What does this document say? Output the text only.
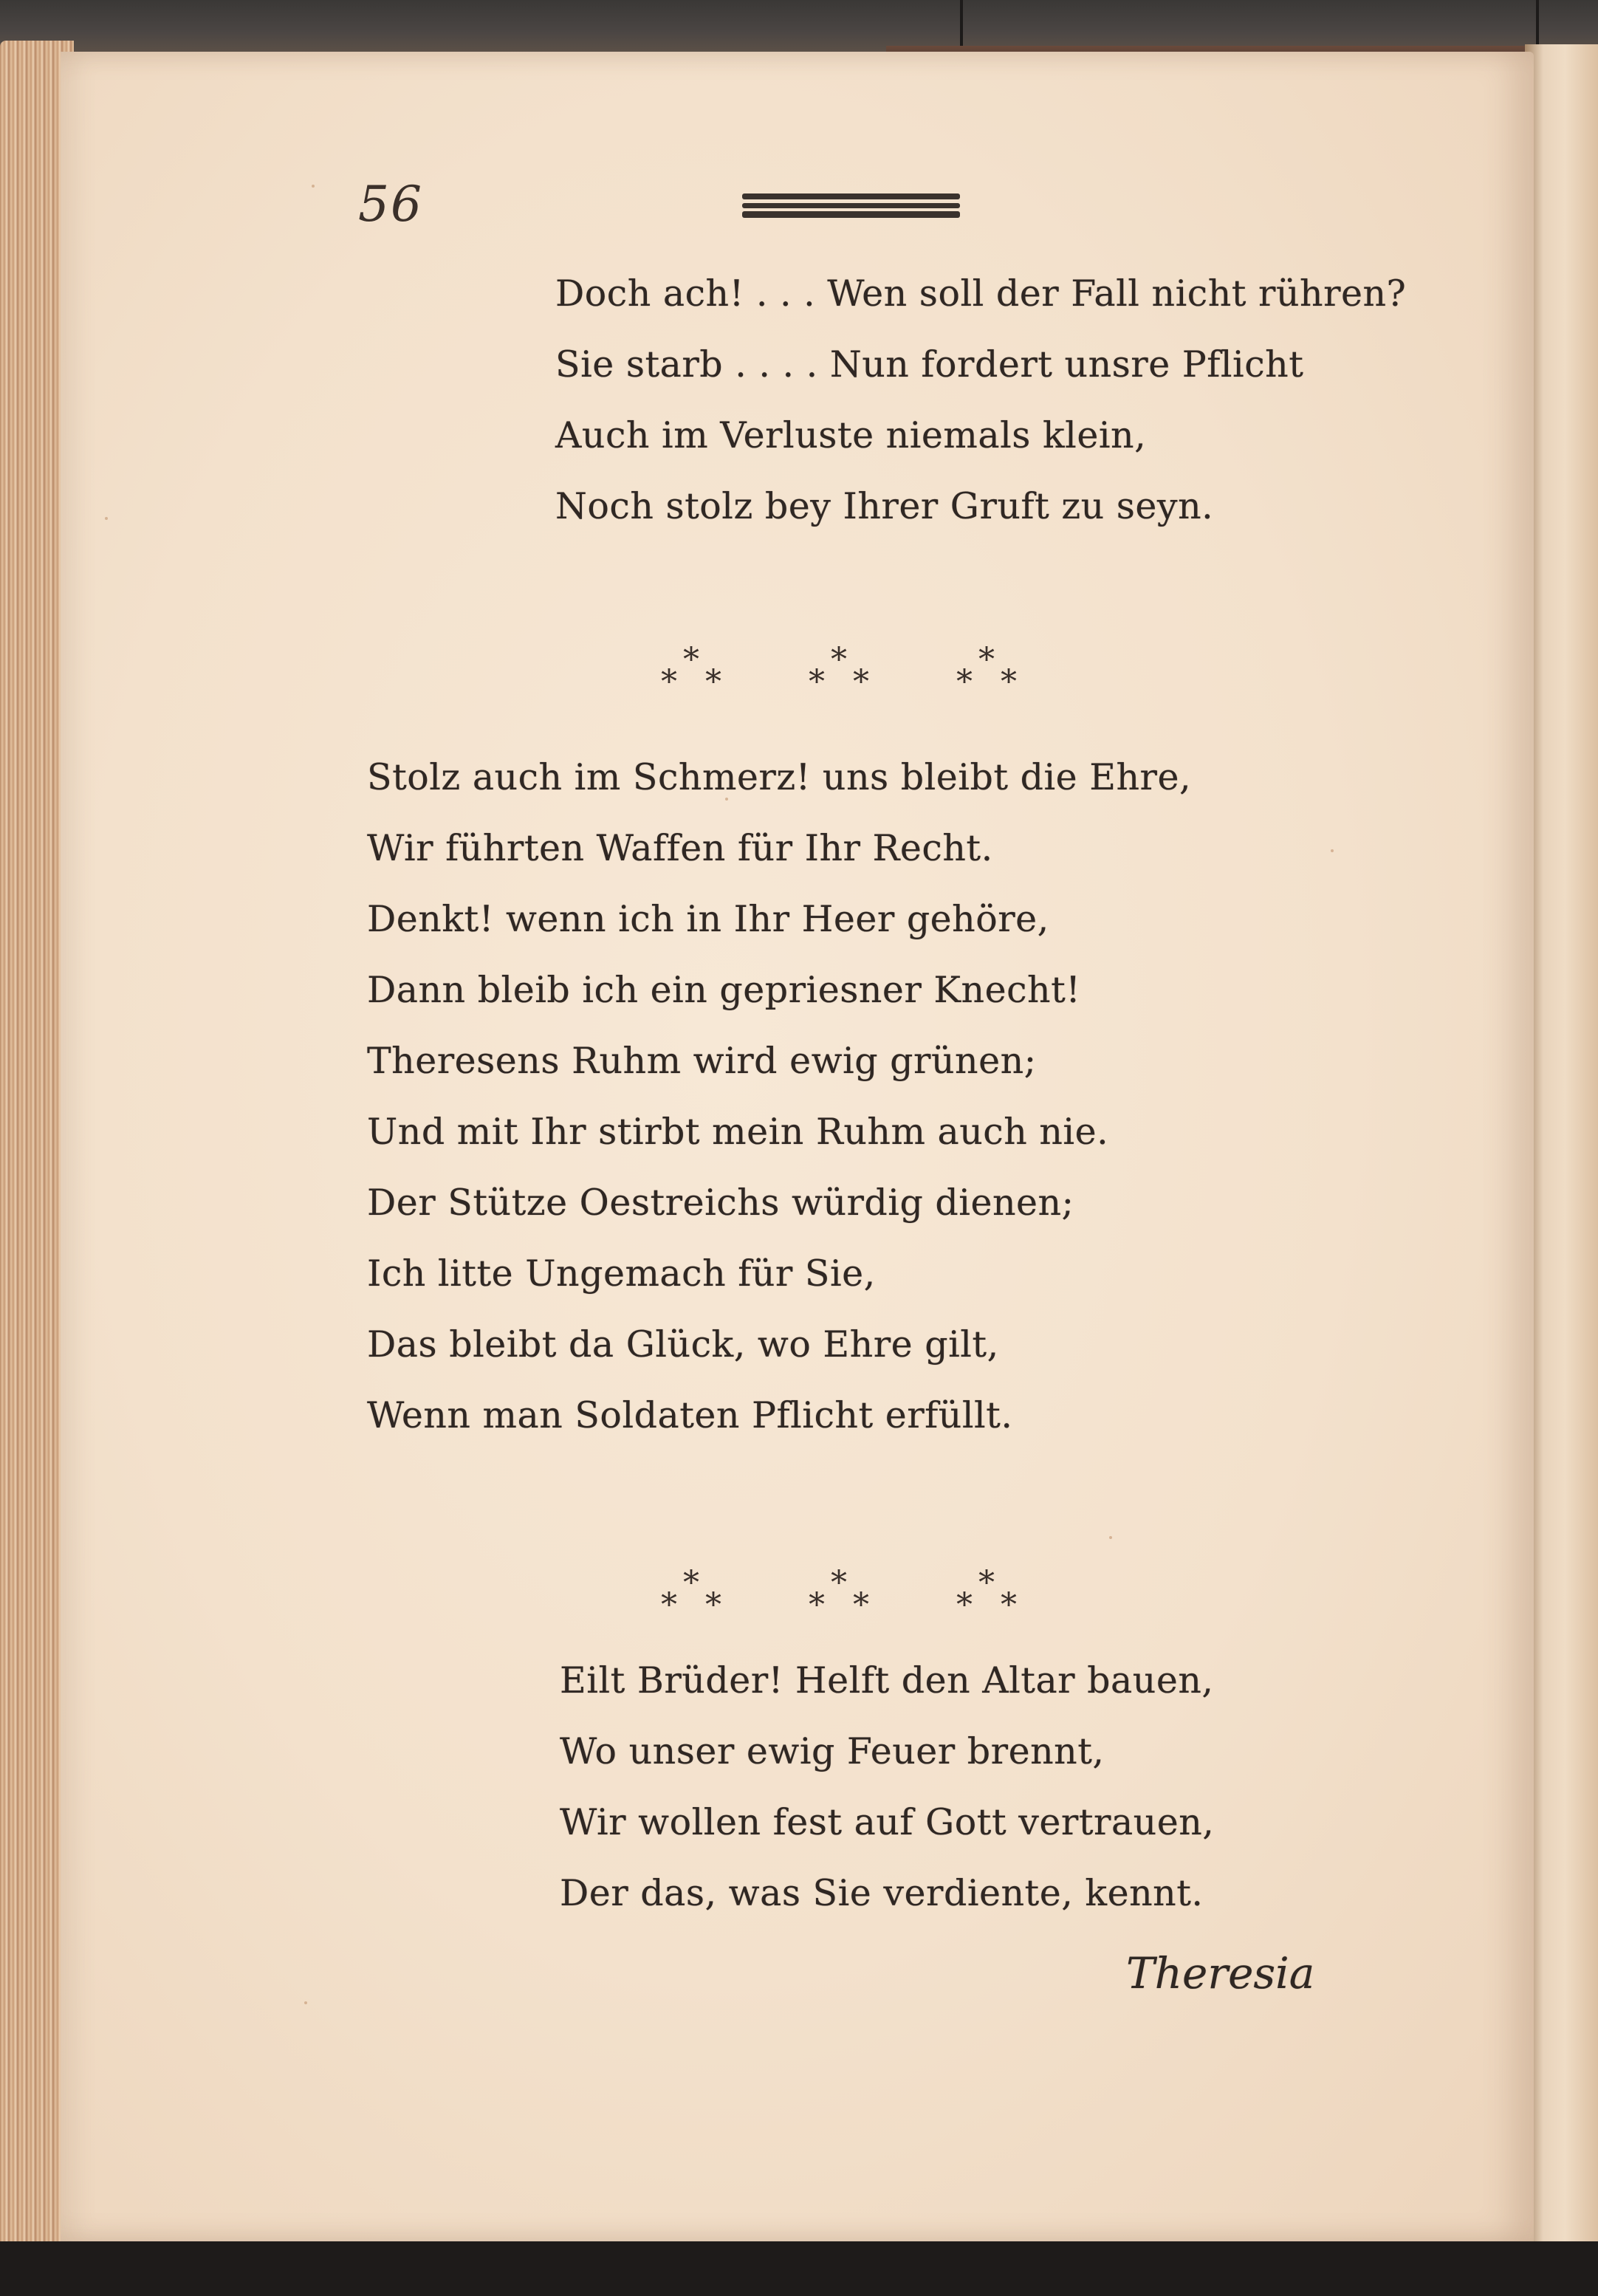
56

Doch ach! . . . Wen soll der Fall nicht rühren?

Sie starb . . . . Nun fordert unsre Pflicht

Auch im Verluste niemals klein,

Noch stolz bey Ihrer Gruft zu seyn.

*
*
*	*
*
*	*
*
*

Stolz auch im Schmerz! uns bleibt die Ehre,

Wir führten Waffen für Ihr Recht.

Denkt! wenn ich in Ihr Heer gehöre,

Dann bleib ich ein gepriesner Knecht!

Theresens Ruhm wird ewig grünen;

Und mit Ihr stirbt mein Ruhm auch nie.

Der Stütze Oestreichs würdig dienen;

Ich litte Ungemach für Sie,

Das bleibt da Glück, wo Ehre gilt,

Wenn man Soldaten Pflicht erfüllt.

*
*
*	*
*
*	*
*
*

Eilt Brüder! Helft den Altar bauen,

Wo unser ewig Feuer brennt,

Wir wollen fest auf Gott vertrauen,

Der das, was Sie verdiente, kennt.

Theresia
